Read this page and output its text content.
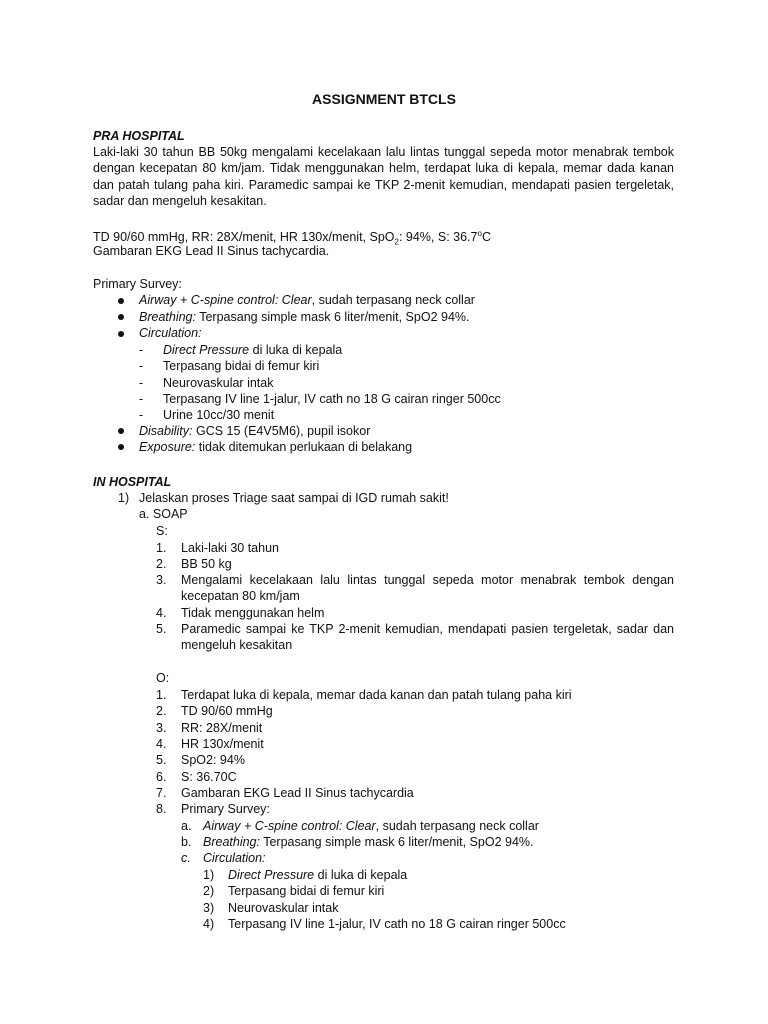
ASSIGNMENT BTCLS
PRA HOSPITAL
Laki-laki 30 tahun BB 50kg mengalami kecelakaan lalu lintas tunggal sepeda motor menabrak tembok dengan kecepatan 80 km/jam. Tidak menggunakan helm, terdapat luka di kepala, memar dada kanan dan patah tulang paha kiri. Paramedic sampai ke TKP 2-menit kemudian, mendapati pasien tergeletak, sadar dan mengeluh kesakitan.
TD 90/60 mmHg, RR: 28X/menit, HR 130x/menit, SpO$_2$: 94%, S: 36.7$^o$C
Gambaran EKG Lead II Sinus tachycardia.
Primary Survey:
Airway + C-spine control: Clear, sudah terpasang neck collar
Breathing: Terpasang simple mask 6 liter/menit, SpO2 94%.
Circulation:
- Direct Pressure di luka di kepala
- Terpasang bidai di femur kiri
- Neurovaskular intak
- Terpasang IV line 1-jalur, IV cath no 18 G cairan ringer 500cc
- Urine 10cc/30 menit
Disability: GCS 15 (E4V5M6), pupil isokor
Exposure: tidak ditemukan perlukaan di belakang
IN HOSPITAL
1) Jelaskan proses Triage saat sampai di IGD rumah sakit!
a. SOAP
S:
1. Laki-laki 30 tahun
2. BB 50 kg
3. Mengalami kecelakaan lalu lintas tunggal sepeda motor menabrak tembok dengan kecepatan 80 km/jam
4. Tidak menggunakan helm
5. Paramedic sampai ke TKP 2-menit kemudian, mendapati pasien tergeletak, sadar dan mengeluh kesakitan
O:
1. Terdapat luka di kepala, memar dada kanan dan patah tulang paha kiri
2. TD 90/60 mmHg
3. RR: 28X/menit
4. HR 130x/menit
5. SpO2: 94%
6. S: 36.70C
7. Gambaran EKG Lead II Sinus tachycardia
8. Primary Survey:
a. Airway + C-spine control: Clear, sudah terpasang neck collar
b. Breathing: Terpasang simple mask 6 liter/menit, SpO2 94%.
c. Circulation:
1) Direct Pressure di luka di kepala
2) Terpasang bidai di femur kiri
3) Neurovaskular intak
4) Terpasang IV line 1-jalur, IV cath no 18 G cairan ringer 500cc
